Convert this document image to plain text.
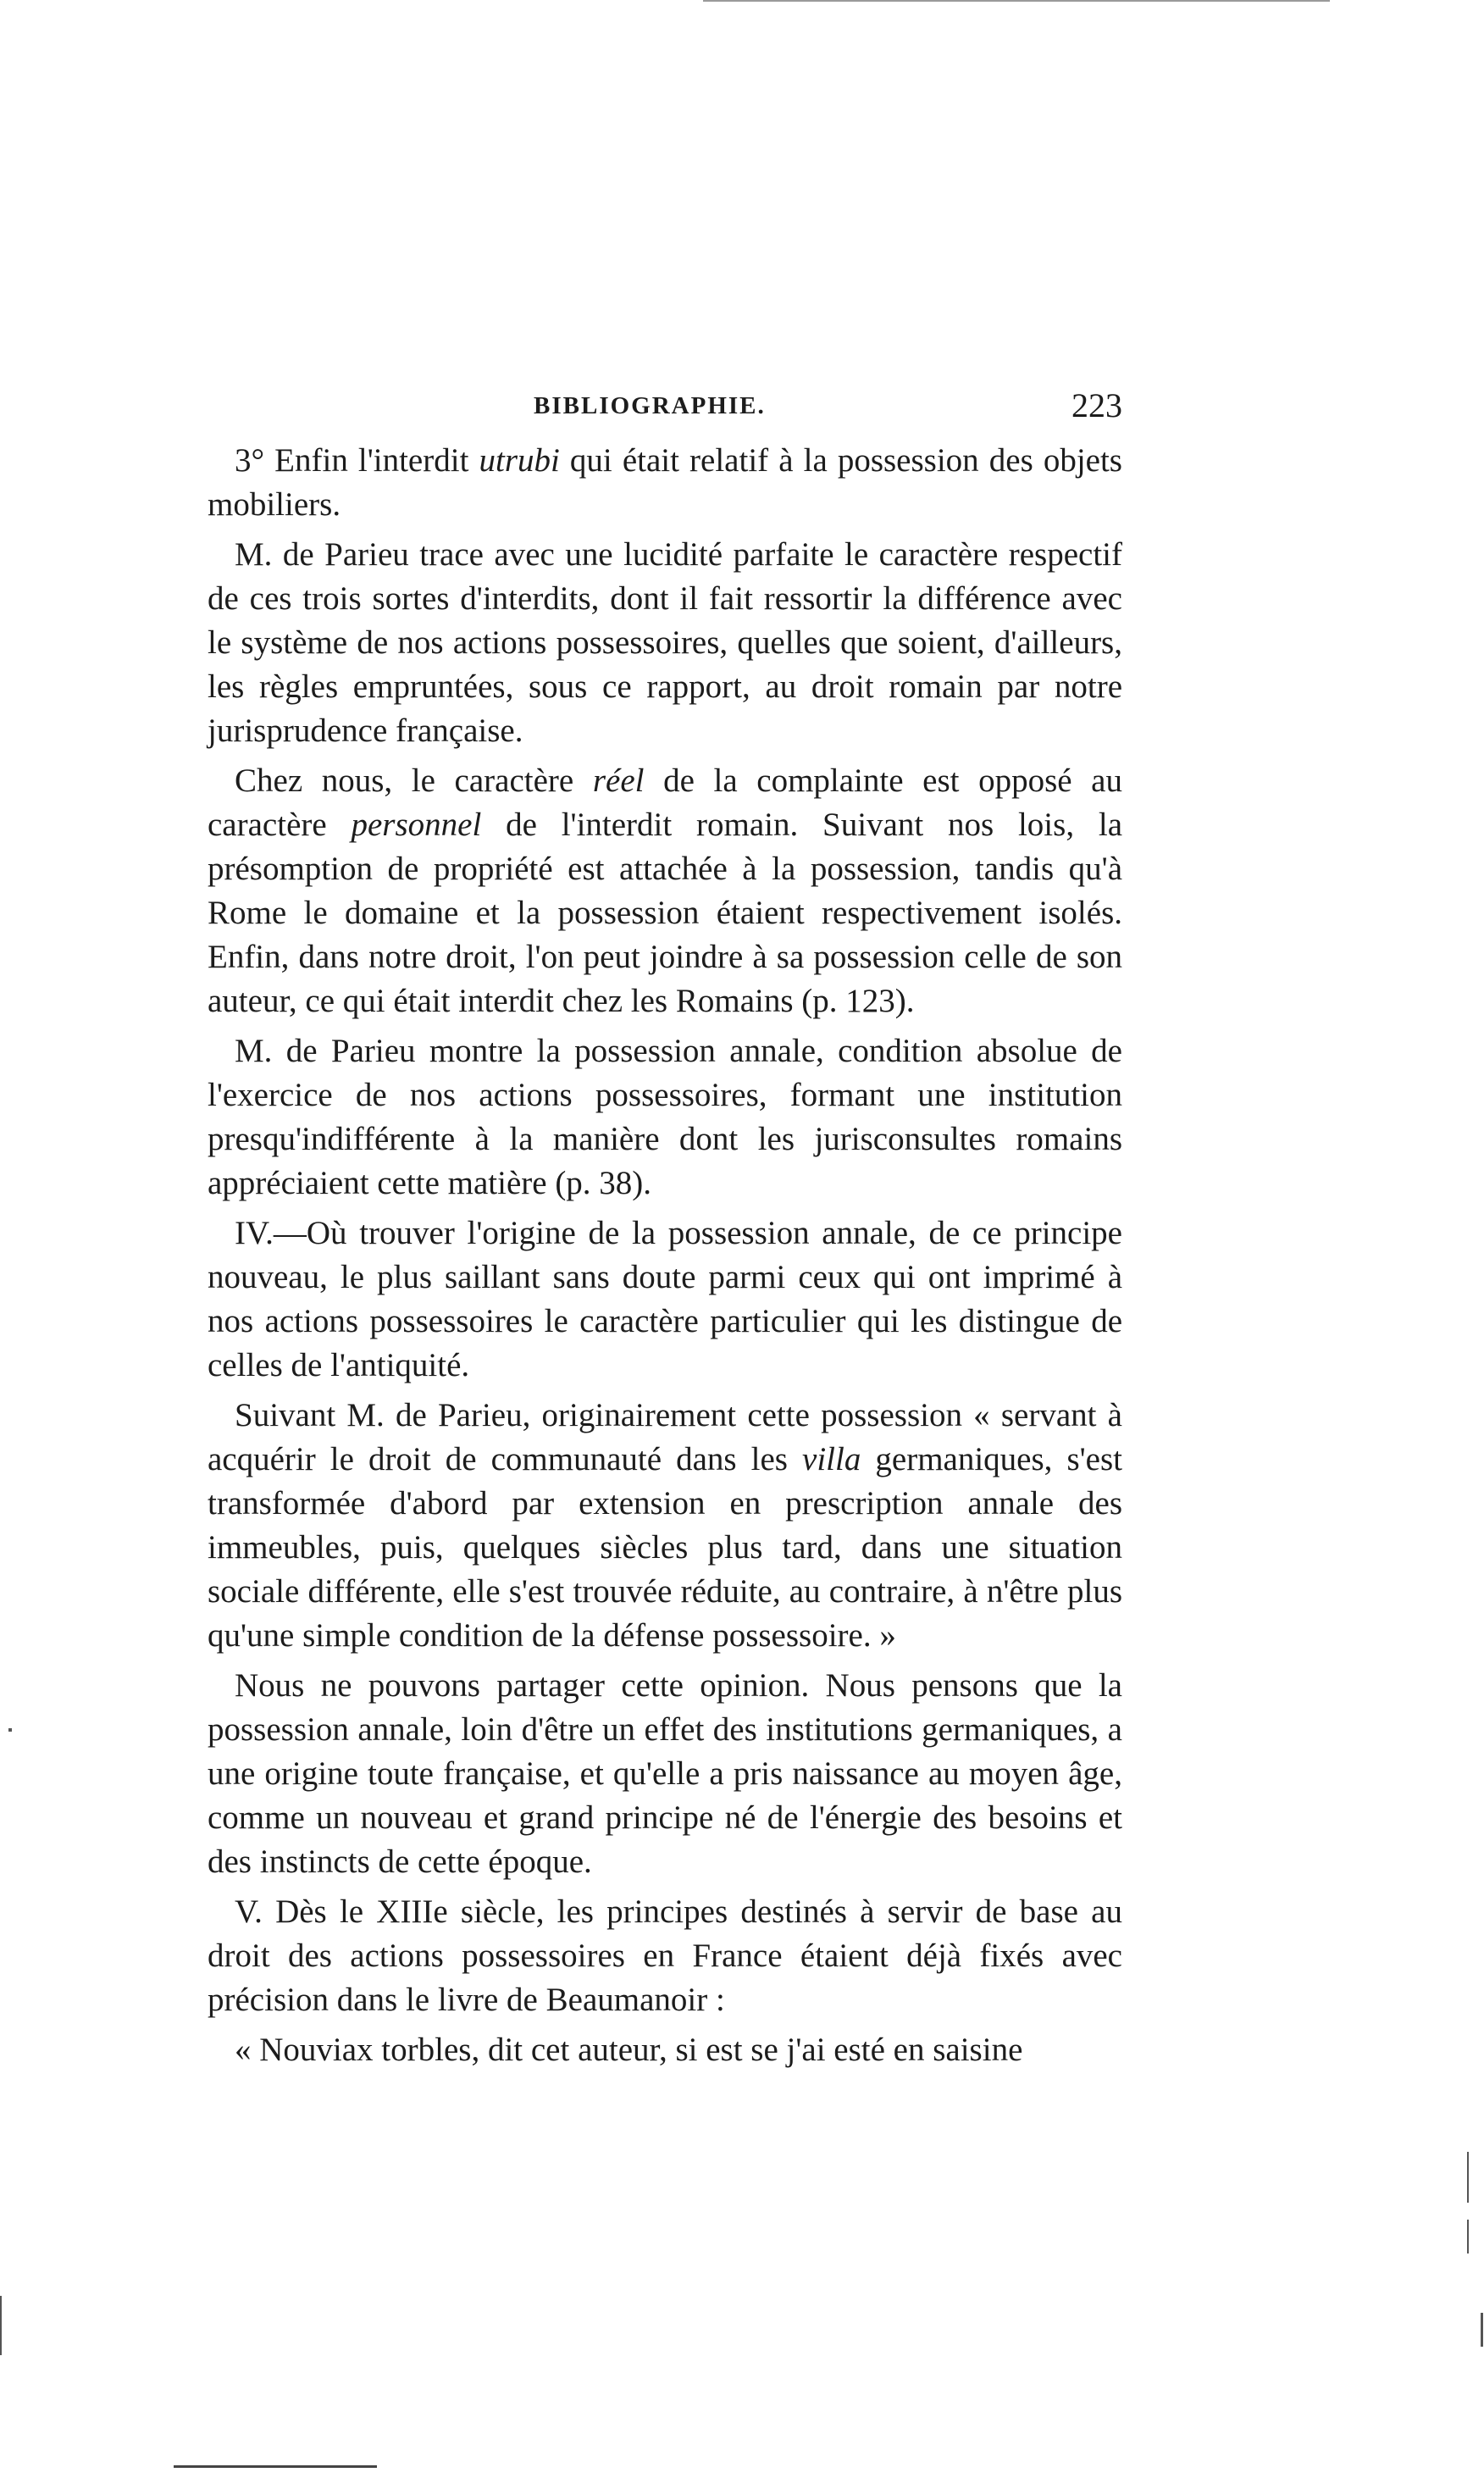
BIBLIOGRAPHIE.	223

3° Enfin l'interdit utrubi qui était relatif à la possession des objets mobiliers.

M. de Parieu trace avec une lucidité parfaite le caractère respectif de ces trois sortes d'interdits, dont il fait ressortir la différence avec le système de nos actions possessoires, quelles que soient, d'ailleurs, les règles empruntées, sous ce rapport, au droit romain par notre jurisprudence française.

Chez nous, le caractère réel de la complainte est opposé au caractère personnel de l'interdit romain. Suivant nos lois, la présomption de propriété est attachée à la possession, tandis qu'à Rome le domaine et la possession étaient respectivement isolés. Enfin, dans notre droit, l'on peut joindre à sa possession celle de son auteur, ce qui était interdit chez les Romains (p. 123).

M. de Parieu montre la possession annale, condition absolue de l'exercice de nos actions possessoires, formant une institution presqu'indifférente à la manière dont les jurisconsultes romains appréciaient cette matière (p. 38).

IV.—Où trouver l'origine de la possession annale, de ce principe nouveau, le plus saillant sans doute parmi ceux qui ont imprimé à nos actions possessoires le caractère particulier qui les distingue de celles de l'antiquité.

Suivant M. de Parieu, originairement cette possession « servant à acquérir le droit de communauté dans les villa germaniques, s'est transformée d'abord par extension en prescription annale des immeubles, puis, quelques siècles plus tard, dans une situation sociale différente, elle s'est trouvée réduite, au contraire, à n'être plus qu'une simple condition de la défense possessoire. »

Nous ne pouvons partager cette opinion. Nous pensons que la possession annale, loin d'être un effet des institutions germaniques, a une origine toute française, et qu'elle a pris naissance au moyen âge, comme un nouveau et grand principe né de l'énergie des besoins et des instincts de cette époque.

V. Dès le XIIIe siècle, les principes destinés à servir de base au droit des actions possessoires en France étaient déjà fixés avec précision dans le livre de Beaumanoir :

« Nouviax torbles, dit cet auteur, si est se j'ai esté en saisine
